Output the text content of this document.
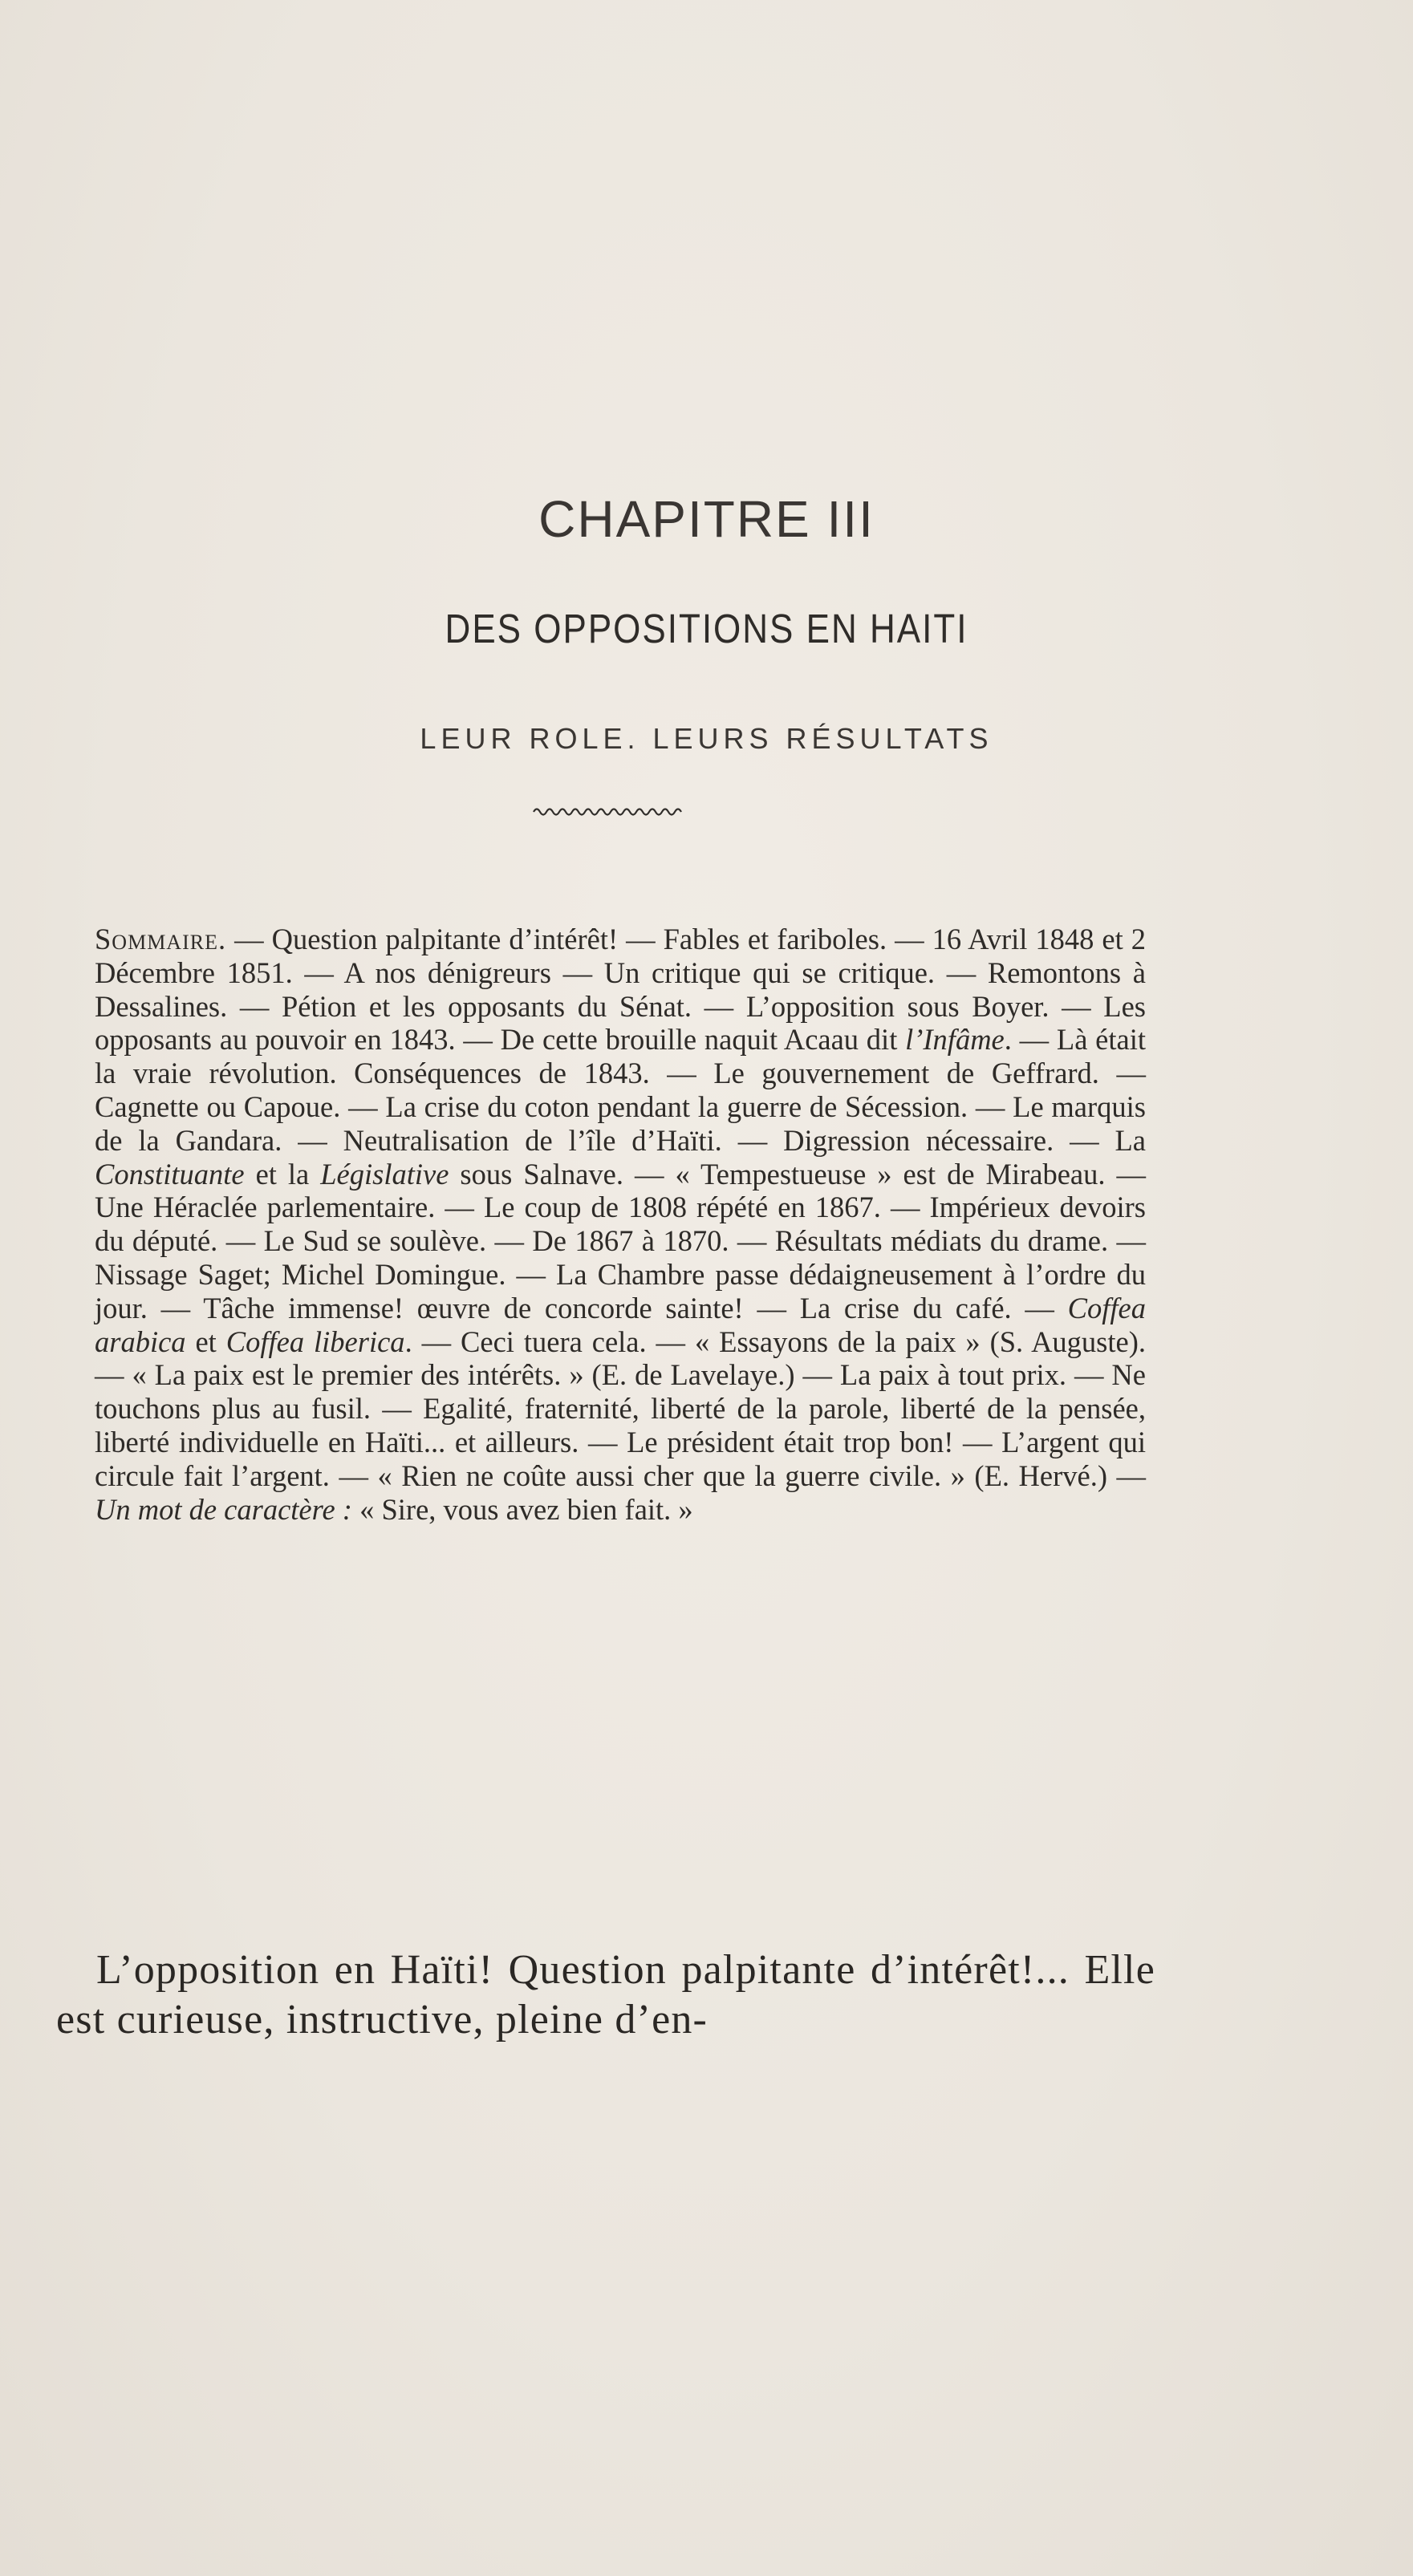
CHAPITRE III
DES OPPOSITIONS EN HAITI
LEUR ROLE. LEURS RÉSULTATS
Sommaire. — Question palpitante d’intérêt! — Fables et fariboles. — 16 Avril 1848 et 2 Décembre 1851. — A nos dénigreurs — Un critique qui se critique. — Remontons à Dessalines. — Pétion et les opposants du Sénat. — L’opposition sous Boyer. — Les opposants au pouvoir en 1843. — De cette brouille naquit Acaau dit l’Infâme. — Là était la vraie révolution. Conséquences de 1843. — Le gouvernement de Geffrard. — Cagnette ou Capoue. — La crise du coton pendant la guerre de Sécession. — Le marquis de la Gandara. — Neutralisation de l’île d’Haïti. — Digression nécessaire. — La Constituante et la Législative sous Salnave. — « Tempestueuse » est de Mirabeau. — Une Héraclée parlementaire. — Le coup de 1808 répété en 1867. — Impérieux devoirs du député. — Le Sud se soulève. — De 1867 à 1870. — Résultats médiats du drame. — Nissage Saget; Michel Domingue. — La Chambre passe dédaigneusement à l’ordre du jour. — Tâche immense! œuvre de concorde sainte! — La crise du café. — Coffea arabica et Coffea liberica. — Ceci tuera cela. — « Essayons de la paix » (S. Auguste). — « La paix est le premier des intérêts. » (E. de Lavelaye.) — La paix à tout prix. — Ne touchons plus au fusil. — Egalité, fraternité, liberté de la parole, liberté de la pensée, liberté individuelle en Haïti... et ailleurs. — Le président était trop bon! — L’argent qui circule fait l’argent. — « Rien ne coûte aussi cher que la guerre civile. » (E. Hervé.) — Un mot de caractère : « Sire, vous avez bien fait. »
L’opposition en Haïti! Question palpitante d’intérêt!... Elle est curieuse, instructive, pleine d’en-
